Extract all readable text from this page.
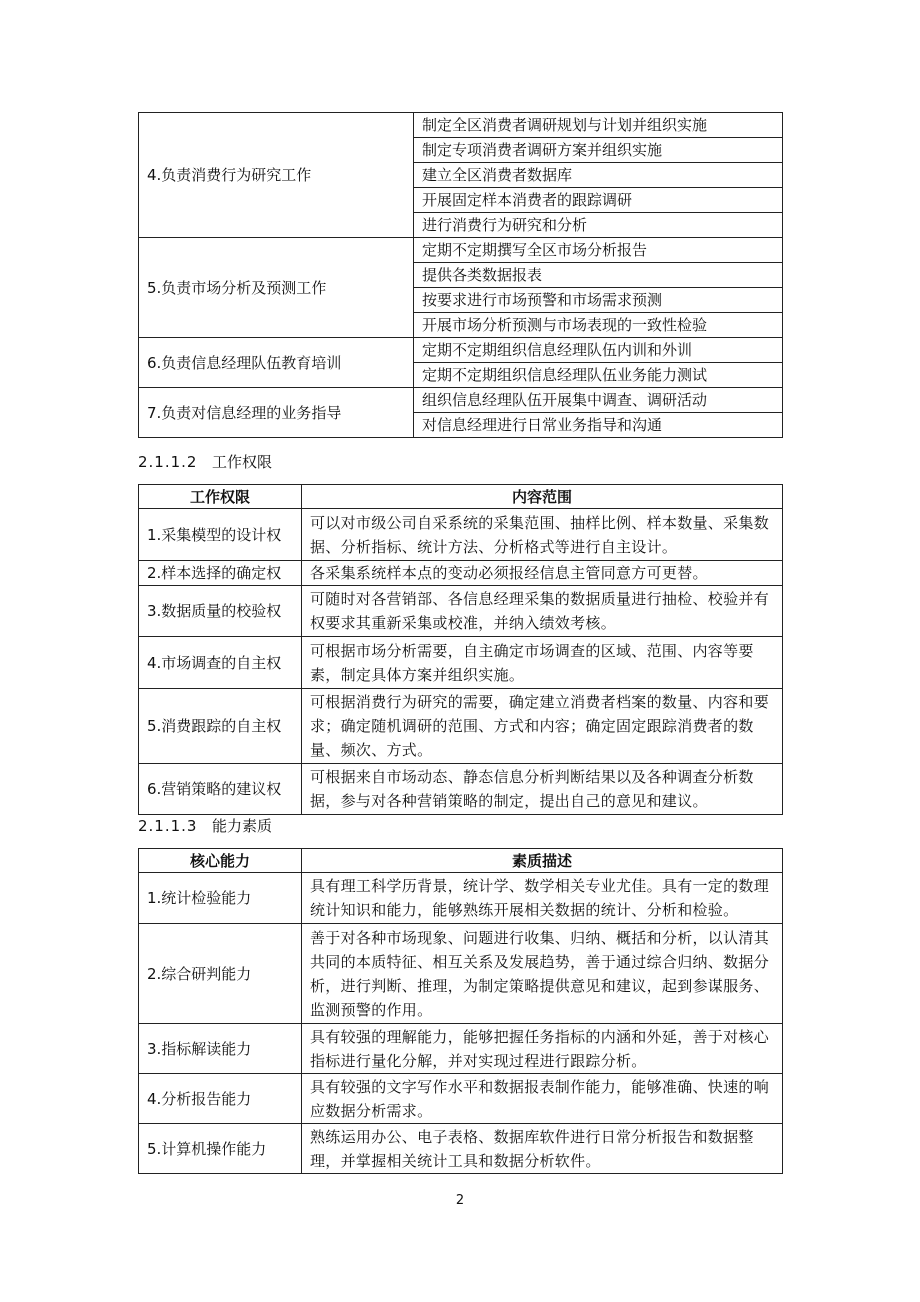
4.负责消费行为研究工作	制定全区消费者调研规划与计划并组织实施
	制定专项消费者调研方案并组织实施
	建立全区消费者数据库
	开展固定样本消费者的跟踪调研
	进行消费行为研究和分析
5.负责市场分析及预测工作	定期不定期撰写全区市场分析报告
	提供各类数据报表
	按要求进行市场预警和市场需求预测
	开展市场分析预测与市场表现的一致性检验
6.负责信息经理队伍教育培训	定期不定期组织信息经理队伍内训和外训
	定期不定期组织信息经理队伍业务能力测试
7.负责对信息经理的业务指导	组织信息经理队伍开展集中调查、调研活动
	对信息经理进行日常业务指导和沟通
2.1.1.2 工作权限
工作权限	内容范围
1.采集模型的设计权	可以对市级公司自采系统的采集范围、抽样比例、样本数量、采集数据、分析指标、统计方法、分析格式等进行自主设计。
2.样本选择的确定权	各采集系统样本点的变动必须报经信息主管同意方可更替。
3.数据质量的校验权	可随时对各营销部、各信息经理采集的数据质量进行抽检、校验并有权要求其重新采集或校准，并纳入绩效考核。
4.市场调查的自主权	可根据市场分析需要，自主确定市场调查的区域、范围、内容等要素，制定具体方案并组织实施。
5.消费跟踪的自主权	可根据消费行为研究的需要，确定建立消费者档案的数量、内容和要求；确定随机调研的范围、方式和内容；确定固定跟踪消费者的数量、频次、方式。
6.营销策略的建议权	可根据来自市场动态、静态信息分析判断结果以及各种调查分析数据，参与对各种营销策略的制定，提出自己的意见和建议。
2.1.1.3 能力素质
核心能力	素质描述
1.统计检验能力	具有理工科学历背景，统计学、数学相关专业尤佳。具有一定的数理统计知识和能力，能够熟练开展相关数据的统计、分析和检验。
2.综合研判能力	善于对各种市场现象、问题进行收集、归纳、概括和分析，以认清其共同的本质特征、相互关系及发展趋势，善于通过综合归纳、数据分析，进行判断、推理，为制定策略提供意见和建议，起到参谋服务、监测预警的作用。
3.指标解读能力	具有较强的理解能力，能够把握任务指标的内涵和外延，善于对核心指标进行量化分解，并对实现过程进行跟踪分析。
4.分析报告能力	具有较强的文字写作水平和数据报表制作能力，能够准确、快速的响应数据分析需求。
5.计算机操作能力	熟练运用办公、电子表格、数据库软件进行日常分析报告和数据整理，并掌握相关统计工具和数据分析软件。
2
